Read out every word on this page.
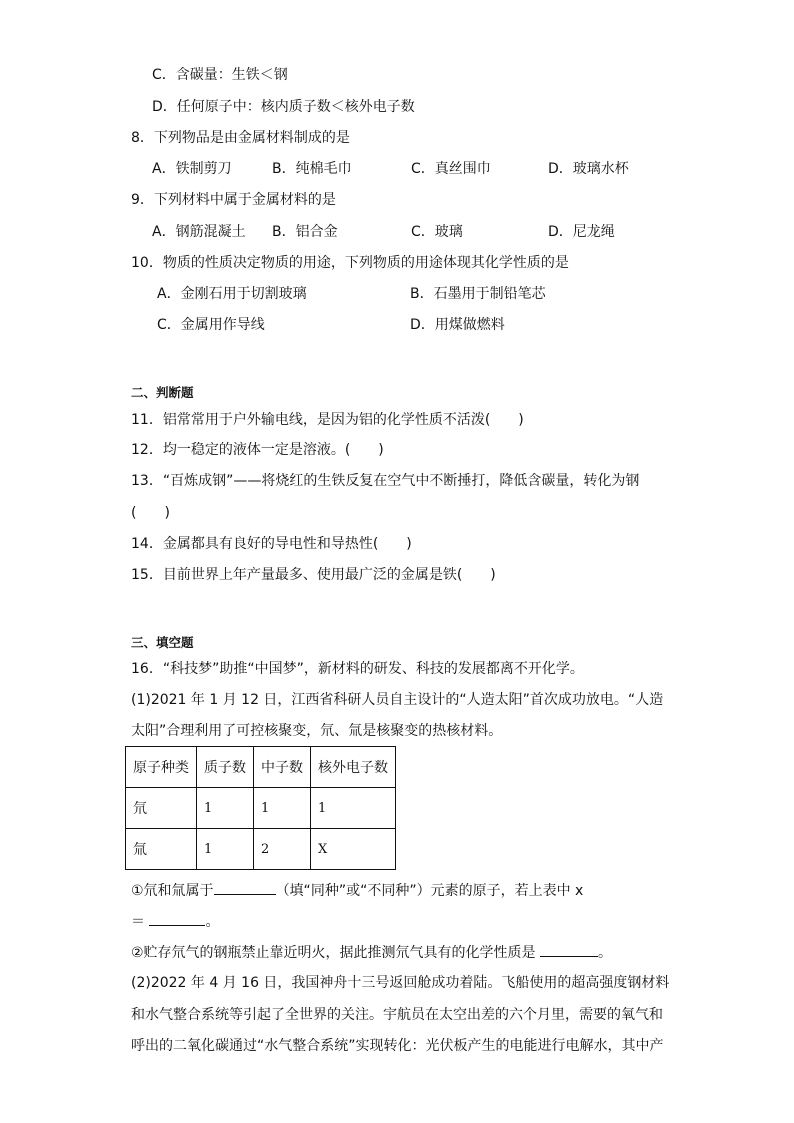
C．含碳量：生铁＜钢
D．任何原子中：核内质子数＜核外电子数
8．下列物品是由金属材料制成的是
A．铁制剪刀	B．纯棉毛巾	C．真丝围巾	D．玻璃水杯
9．下列材料中属于金属材料的是
A．钢筋混凝土 B．铝合金	C．玻璃	D．尼龙绳
10．物质的性质决定物质的用途，下列物质的用途体现其化学性质的是
A．金刚石用于切割玻璃	B．石墨用于制铅笔芯
C．金属用作导线	D．用煤做燃料
二、判断题
11．铝常常用于户外输电线，是因为铝的化学性质不活泼(　　)
12．均一稳定的液体一定是溶液。(　　)
13．“百炼成钢”——将烧红的生铁反复在空气中不断捶打，降低含碳量，转化为钢
(　　)
14．金属都具有良好的导电性和导热性(　　)
15．目前世界上年产量最多、使用最广泛的金属是铁(　　)
三、填空题
16．“科技梦”助推“中国梦”，新材料的研发、科技的发展都离不开化学。
(1)2021 年 1 月 12 日，江西省科研人员自主设计的“人造太阳”首次成功放电。“人造
太阳”合理利用了可控核聚变，氘、氚是核聚变的热核材料。
原子种类	质子数	中子数	核外电子数
氘	1	1	1
氚	1	2	X
①氘和氚属于	（填“同种”或“不同种”）元素的原子，若上表中 x
＝	。
②贮存氘气的钢瓶禁止靠近明火，据此推测氘气具有的化学性质是	。
(2)2022 年 4 月 16 日，我国神舟十三号返回舱成功着陆。飞船使用的超高强度钢材料
和水气整合系统等引起了全世界的关注。宇航员在太空出差的六个月里，需要的氧气和
呼出的二氧化碳通过“水气整合系统”实现转化：光伏板产生的电能进行电解水，其中产
